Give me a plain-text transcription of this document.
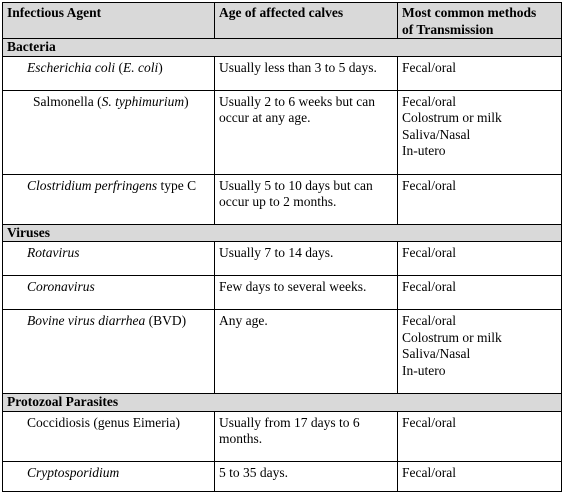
Infectious Agent	Age of affected calves	Most common methods
of Transmission

Bacteria		
Escherichia coli (E. coli)	Usually less than 3 to 5 days.	Fecal/oral

Salmonella (S. typhimurium)	Usually 2 to 6 weeks but can occur at any age.	Fecal/oral
Colostrum or milk
Saliva/Nasal
In-utero

Clostridium perfringens type C	Usually 5 to 10 days but can occur up to 2 months.	Fecal/oral

Viruses		
Rotavirus	Usually 7 to 14 days.	Fecal/oral

Coronavirus	Few days to several weeks.	Fecal/oral

Bovine virus diarrhea (BVD)	Any age.	Fecal/oral
Colostrum or milk
Saliva/Nasal
In-utero

Protozoal Parasites		
Coccidiosis (genus Eimeria)	Usually from 17 days to 6 months.	Fecal/oral

Cryptosporidium	5 to 35 days.	Fecal/oral
